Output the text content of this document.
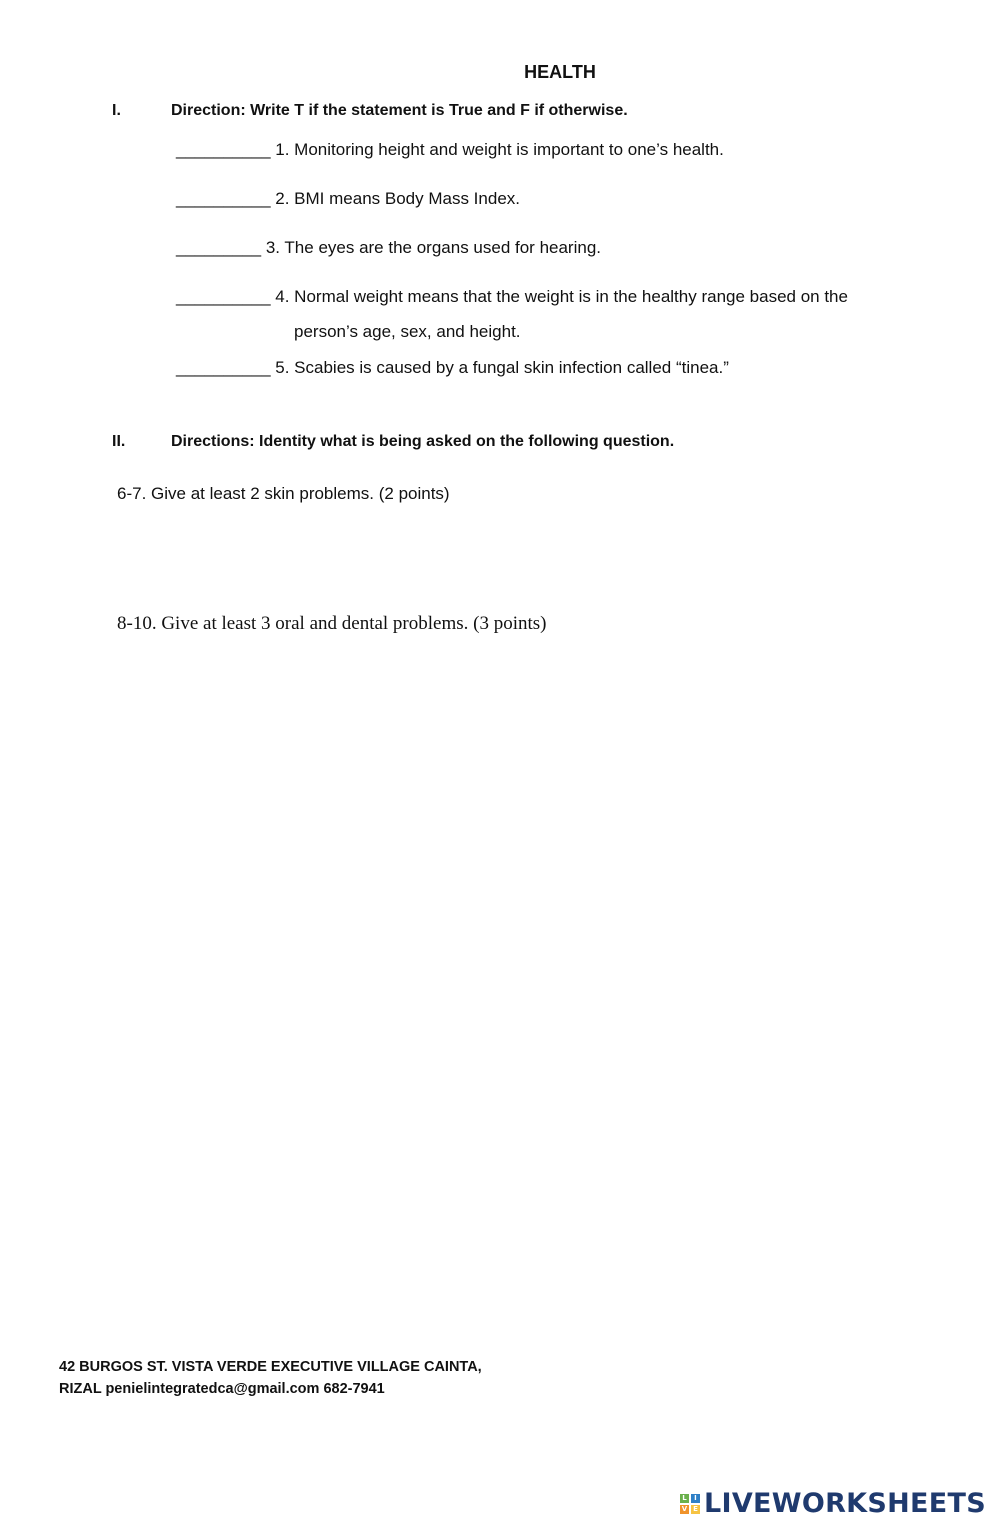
HEALTH
I.	Direction: Write T if the statement is True and F if otherwise.
__________ 1. Monitoring height and weight is important to one’s health.
__________ 2. BMI means Body Mass Index.
_________ 3. The eyes are the organs used for hearing.
__________ 4. Normal weight means that the weight is in the healthy range based on the
person’s age, sex, and height.
__________ 5. Scabies is caused by a fungal skin infection called “tinea.”
II.	Directions: Identity what is being asked on the following question.
6-7. Give at least 2 skin problems. (2 points)
8-10. Give at least 3 oral and dental problems. (3 points)
42 BURGOS ST. VISTA VERDE EXECUTIVE VILLAGE CAINTA,
RIZAL penielintegratedca@gmail.com 682-7941
L	I
V E LIVEWORKSHEETS
